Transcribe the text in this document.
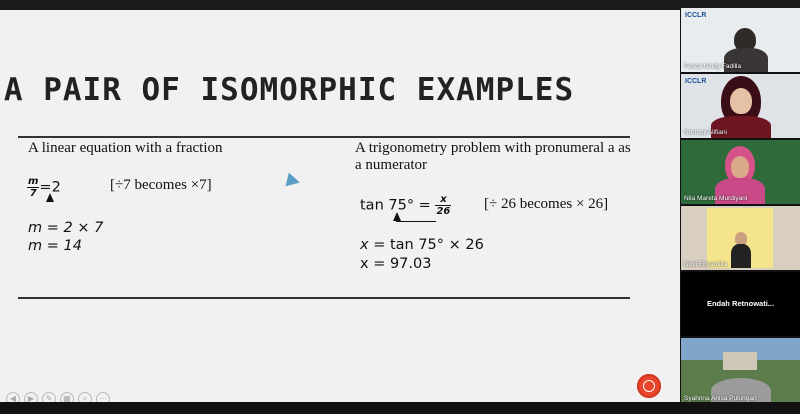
A PAIR OF ISOMORPHIC EXAMPLES
A linear equation with a fraction
$\frac{m}{7} =2$	[÷7 becomes ×7]
m = 2 × 7
m = 14
A trigonometry problem with pronumeral a as
a numerator
$\tan 75^\circ = \frac{x}{26}$ [÷ 26 becomes × 26]
x = tan 75° × 26
x = 97.03
◀	▶	✎	▦	⌕	⋯
ICCLR
Fasca Nindy Fadilla
ICCLR
Nurrisqi Alifiani
Nila Mareta Murdiyani
Novi Eriyantika
Endah Retnowati...
Syahrina Anisa Pulungan
